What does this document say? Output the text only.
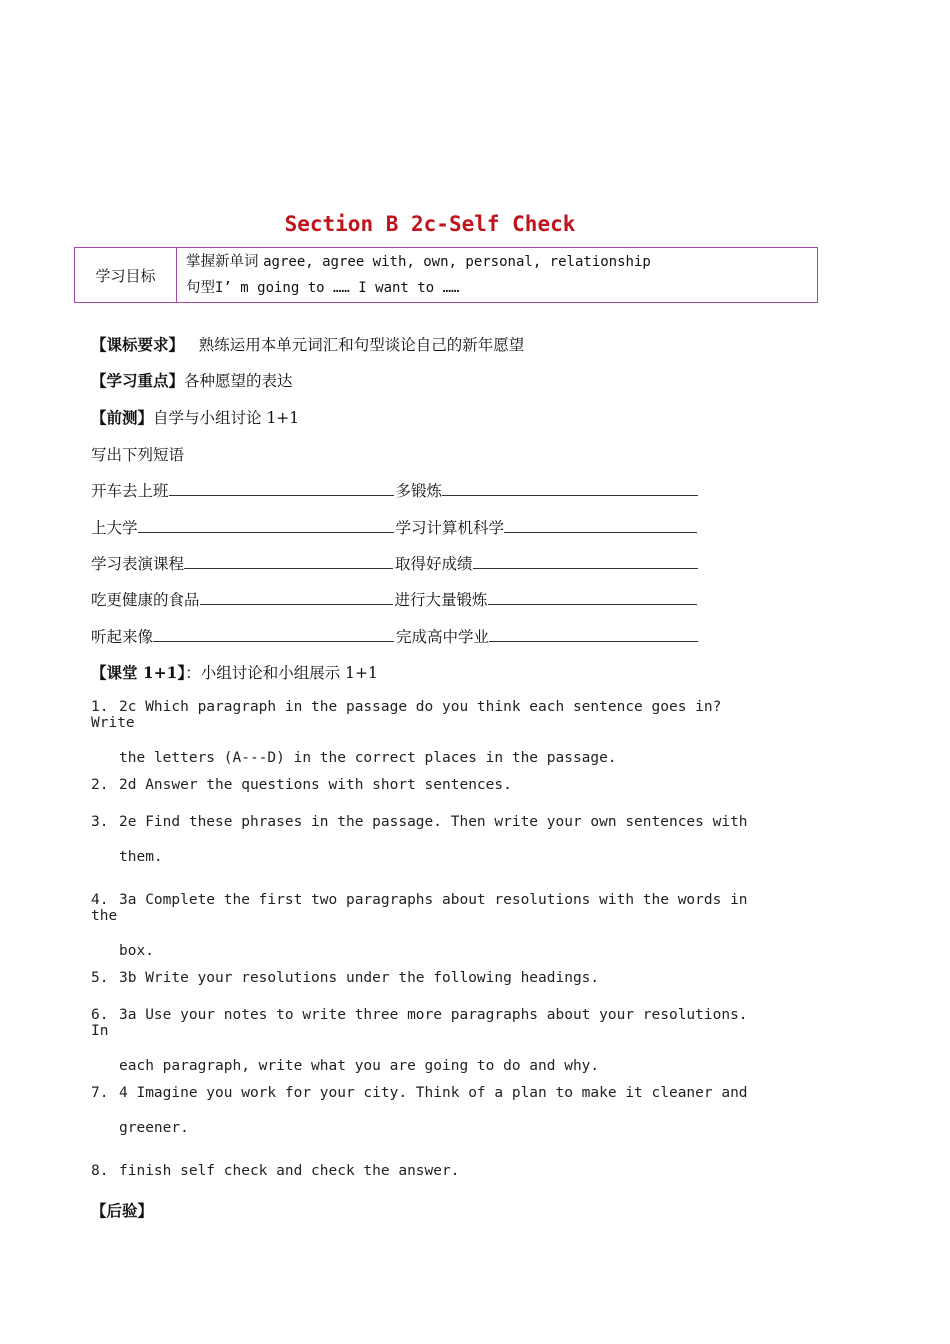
Section B 2c-Self Check
学习目标
掌握新单词 agree, agree with, own, personal, relationship
句型I’ m going to …… I want to ……
【课标要求】 熟练运用本单元词汇和句型谈论自己的新年愿望
【学习重点】各种愿望的表达
【前测】自学与小组讨论 1+1
写出下列短语
开车去上班	多锻炼
上大学	学习计算机科学
学习表演课程	取得好成绩
吃更健康的食品	进行大量锻炼
听起来像	完成高中学业
【课堂 1+1】：小组讨论和小组展示 1+1
1. 2c Which paragraph in the passage do you think each sentence goes in? Write
the letters (A---D) in the correct places in the passage.
2. 2d Answer the questions with short sentences.
3. 2e Find these phrases in the passage. Then write your own sentences with
them.
4. 3a Complete the first two paragraphs about resolutions with the words in the
box.
5. 3b Write your resolutions under the following headings.
6. 3a Use your notes to write three more paragraphs about your resolutions. In
each paragraph, write what you are going to do and why.
7. 4 Imagine you work for your city. Think of a plan to make it cleaner and
greener.
8. finish self check and check the answer.
【后验】
